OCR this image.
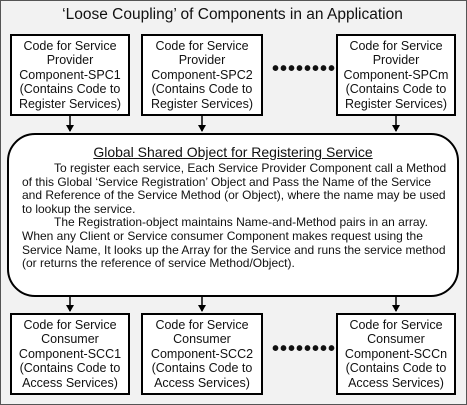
‘Loose Coupling’ of Components in an Application
Code for Service
Provider
Component-SPC1
(Contains Code to
Register Services)
Code for Service
Provider
Component-SPC2
(Contains Code to
Register Services)
••••••••
Code for Service
Provider
Component-SPCm
(Contains Code to
Register Services)
Global Shared Object for Registering Service

To register each service, Each Service Provider Component call a Method of this Global ‘Service Registration’ Object and Pass the Name of the Service and Reference of the Service Method (or Object), where the name may be used to lookup the service.

The Registration-object maintains Name-and-Method pairs in an array. When any Client or Service consumer Component makes request using the Service Name, It looks up the Array for the Service and runs the service method (or returns the reference of service Method/Object).

Code for Service
Consumer
Component-SCC1
(Contains Code to
Access Services)
Code for Service
Consumer
Component-SCC2
(Contains Code to
Access Services)
••••••••
Code for Service
Consumer
Component-SCCn
(Contains Code to
Access Services)
